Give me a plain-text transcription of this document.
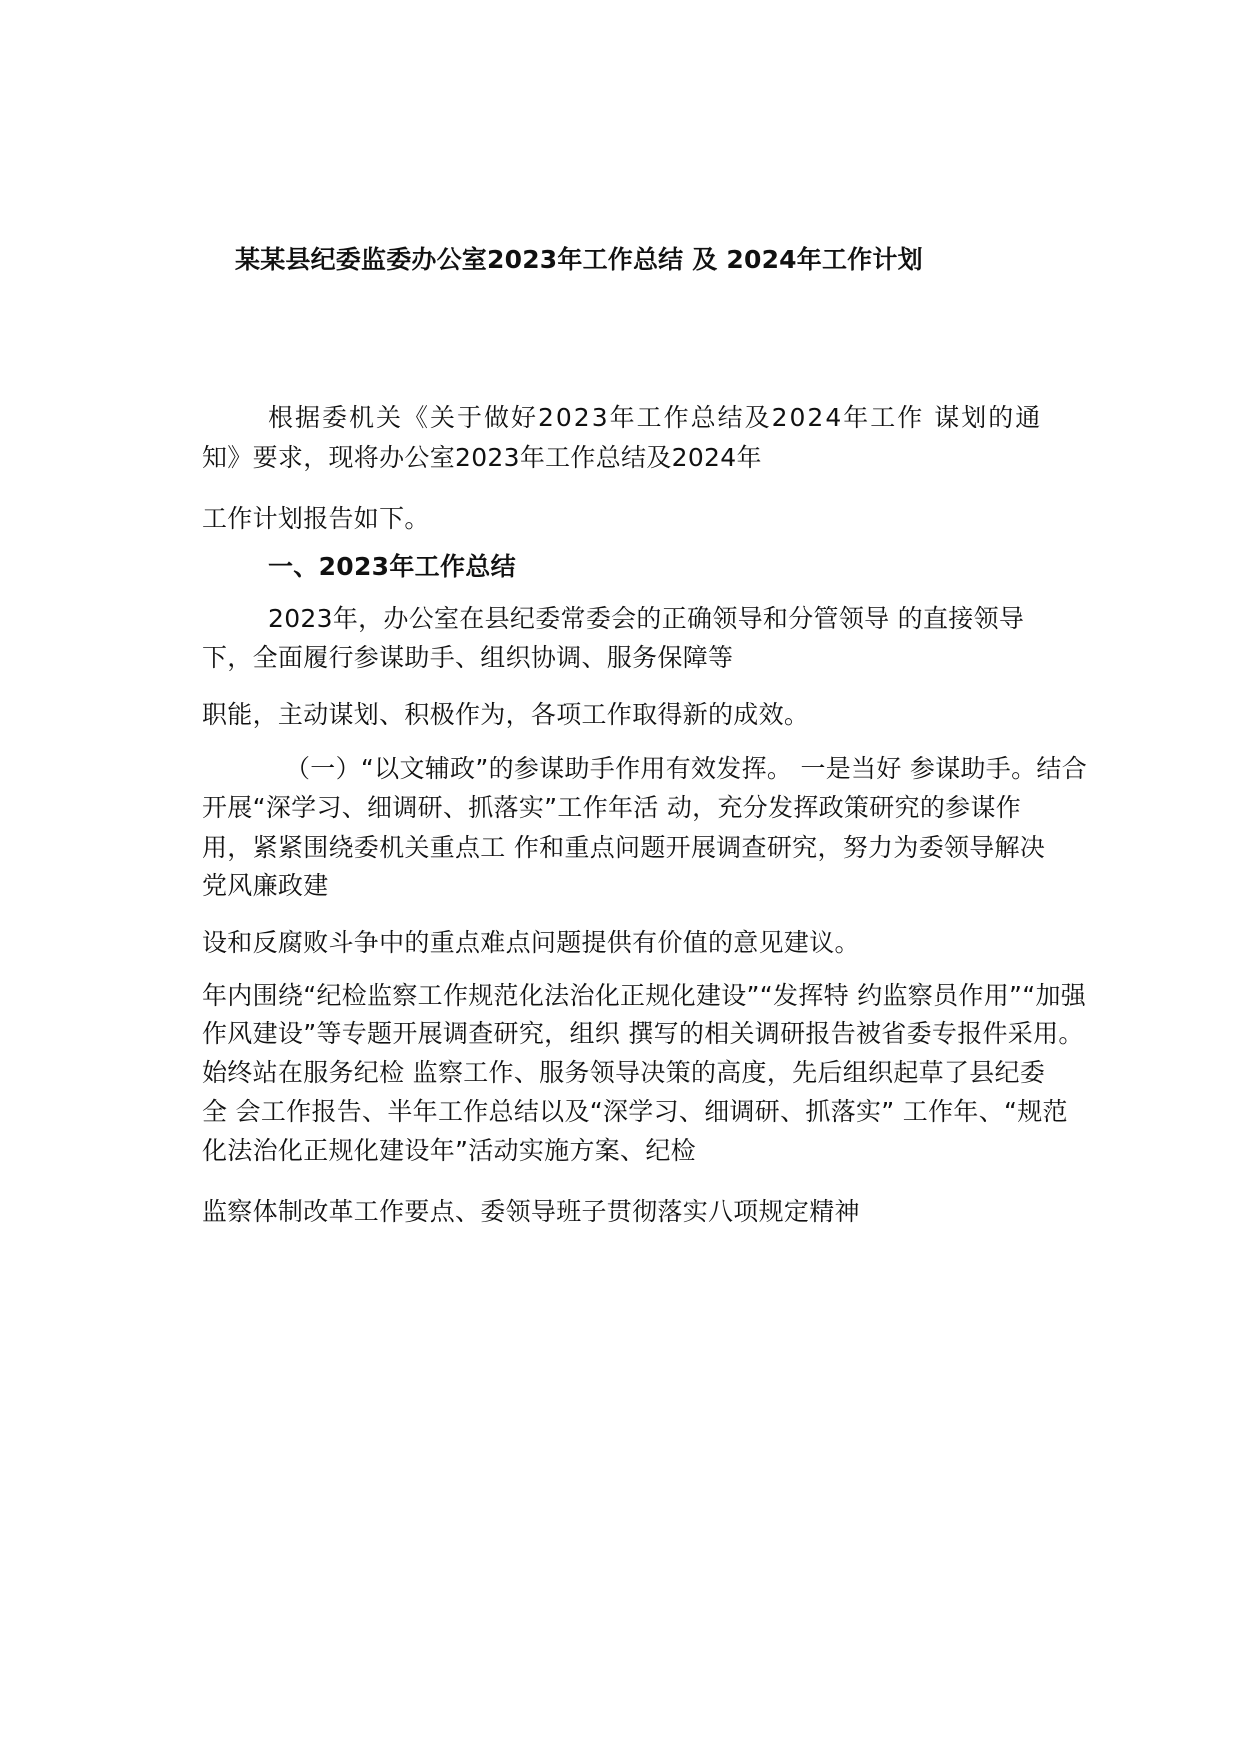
某某县纪委监委办公室2023年工作总结 及 2024年工作计划
根据委机关《关于做好2023年工作总结及2024年工作 谋划的通
知》要求，现将办公室2023年工作总结及2024年
工作计划报告如下。
一、2023年工作总结
2023年，办公室在县纪委常委会的正确领导和分管领导 的直接领导
下，全面履行参谋助手、组织协调、服务保障等
职能，主动谋划、积极作为，各项工作取得新的成效。
（一）“以文辅政”的参谋助手作用有效发挥。 一是当好 参谋助手。结合
开展“深学习、细调研、抓落实”工作年活 动，充分发挥政策研究的参谋作
用，紧紧围绕委机关重点工 作和重点问题开展调查研究，努力为委领导解决
党风廉政建
设和反腐败斗争中的重点难点问题提供有价值的意见建议。
年内围绕“纪检监察工作规范化法治化正规化建设”“发挥特 约监察员作用”“加强
作风建设”等专题开展调查研究，组织 撰写的相关调研报告被省委专报件采用。
始终站在服务纪检 监察工作、服务领导决策的高度，先后组织起草了县纪委
全 会工作报告、半年工作总结以及“深学习、细调研、抓落实” 工作年、“规范
化法治化正规化建设年”活动实施方案、纪检
监察体制改革工作要点、委领导班子贯彻落实八项规定精神
